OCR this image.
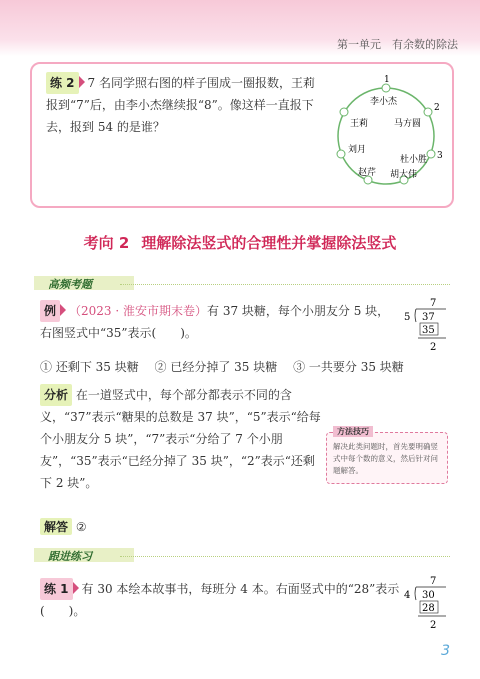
第一单元　有余数的除法
练 2 7 名同学照右图的样子围成一圈报数，王莉报到“7”后，由李小杰继续报“8”。像这样一直报下去，报到 54 的是谁？
1
2
3
李小杰
马方圆
杜小胜
胡大伟
赵芹
刘月
王莉
考向 2 理解除法竖式的合理性并掌握除法竖式
高频考题
例 （2023 · 淮安市期末卷）有 37 块糖，每个小朋友分 5 块，
右图竖式中“35”表示(　　)。
7
5 37
35
2
① 还剩下 35 块糖　 ② 已经分掉了 35 块糖　 ③ 一共要分 35 块糖
分析 在一道竖式中，每个部分都表示不同的含义，“37”表示“糖果的总数是 37 块”，“5”表示“给每个小朋友分 5 块”，“7”表示“分给了 7 个小朋友”，“35”表示“已经分掉了 35 块”，“2”表示“还剩下 2 块”。
方法技巧
解决此类问题时，首先要明确竖式中每个数的意义，然后针对问题解答。
解答 ②
跟进练习
练 1 有 30 本绘本故事书，每班分 4 本。右面竖式中的“28”表示(　　)。
7
4 30
28
2
3
